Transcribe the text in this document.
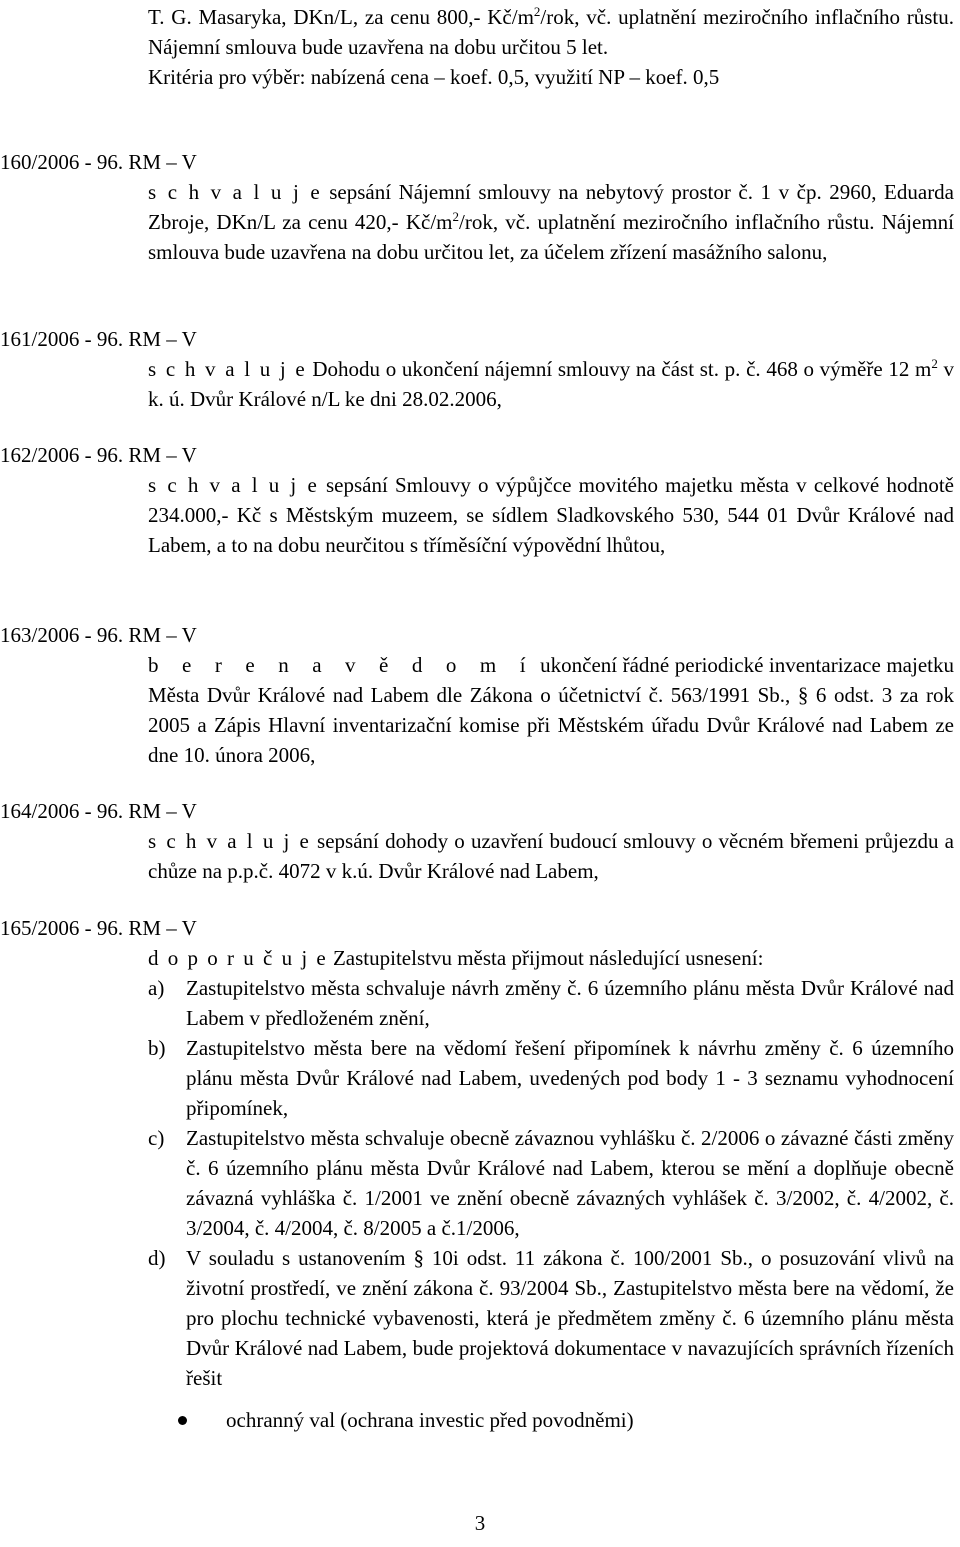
T. G. Masaryka, DKn/L, za cenu 800,- $Kč/m^2$/rok, vč. uplatnění meziročního inflačního růstu. Nájemní smlouva bude uzavřena na dobu určitou 5 let.

Kritéria pro výběr: nabízená cena – koef. 0,5, využití NP – koef. 0,5

160/2006 - 96. RM – V

s c h v a l u j e sepsání Nájemní smlouvy na nebytový prostor č. 1 v čp. 2960, Eduarda Zbroje, DKn/L za cenu 420,- $Kč/m^2$/rok, vč. uplatnění meziročního inflačního růstu. Nájemní smlouva bude uzavřena na dobu určitou let, za účelem zřízení masážního salonu,

161/2006 - 96. RM – V

s c h v a l u j e Dohodu o ukončení nájemní smlouvy na část st. p. č. 468 o výměře 12 $m^2$ v k. ú. Dvůr Králové n/L ke dni 28.02.2006,

162/2006 - 96. RM – V

s c h v a l u j e sepsání Smlouvy o výpůjčce movitého majetku města v celkové hodnotě 234.000,- Kč s Městským muzeem, se sídlem Sladkovského 530, 544 01 Dvůr Králové nad Labem, a to na dobu neurčitou s tříměsíční výpovědní lhůtou,

163/2006 - 96. RM – V

b e r e n a v ě d o m í ukončení řádné periodické inventarizace majetku Města Dvůr Králové nad Labem dle Zákona o účetnictví č. 563/1991 Sb., § 6 odst. 3 za rok 2005 a Zápis Hlavní inventarizační komise při Městském úřadu Dvůr Králové nad Labem ze dne 10. února 2006,

164/2006 - 96. RM – V

s c h v a l u j e sepsání dohody o uzavření budoucí smlouvy o věcném břemeni průjezdu a chůze na p.p.č. 4072 v k.ú. Dvůr Králové nad Labem,

165/2006 - 96. RM – V

d o p o r u č u j e Zastupitelstvu města přijmout následující usnesení:

a) Zastupitelstvo města schvaluje návrh změny č. 6 územního plánu města Dvůr Králové nad Labem v předloženém znění,
b) Zastupitelstvo města bere na vědomí řešení připomínek k návrhu změny č. 6 územního plánu města Dvůr Králové nad Labem, uvedených pod body 1 - 3 seznamu vyhodnocení připomínek,
c) Zastupitelstvo města schvaluje obecně závaznou vyhlášku č. 2/2006 o závazné části změny č. 6 územního plánu města Dvůr Králové nad Labem, kterou se mění a doplňuje obecně závazná vyhláška č. 1/2001 ve znění obecně závazných vyhlášek č. 3/2002, č. 4/2002, č. 3/2004, č. 4/2004, č. 8/2005 a č.1/2006,
d) V souladu s ustanovením § 10i odst. 11 zákona č. 100/2001 Sb., o posuzování vlivů na životní prostředí, ve znění zákona č. 93/2004 Sb., Zastupitelstvo města bere na vědomí, že pro plochu technické vybavenosti, která je předmětem změny č. 6 územního plánu města Dvůr Králové nad Labem, bude projektová dokumentace v navazujících správních řízeních řešit
ochranný val (ochrana investic před povodněmi)
3
